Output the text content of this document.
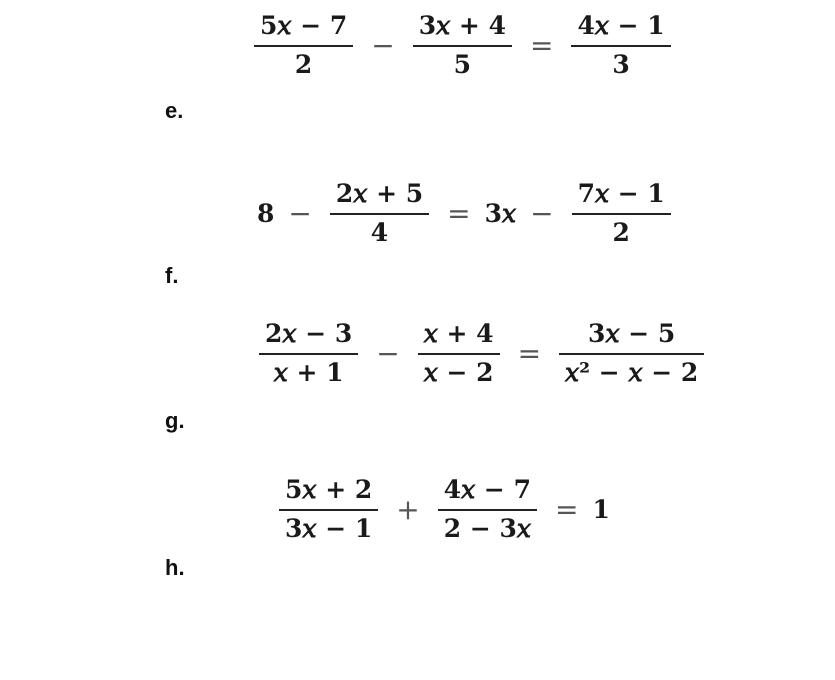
$\frac{\text{5𝑥 − 7}}{2} - \frac{\text{3𝑥 + 4}}{5} = \frac{\text{4𝑥 − 1}}{3}$
e.
$8 - \frac{\text{2𝑥 + 5}}{4}$ = 3𝑥 − $\frac{\text{7𝑥 − 1}}{2}$
f.
$\frac{\text{2𝑥 − 3}}{\text{𝑥 + 1}} - \frac{\text{𝑥 + 4}}{\text{𝑥 − 2}} = \frac{\text{3𝑥 − 5}}{\text{𝑥² − 𝑥 − 2}}$
g.
$\frac{\text{5𝑥 + 2}}{\text{3𝑥 − 1}} + \frac{\text{4𝑥 − 7}}{\text{2 − 3𝑥}} = 1$
h.
